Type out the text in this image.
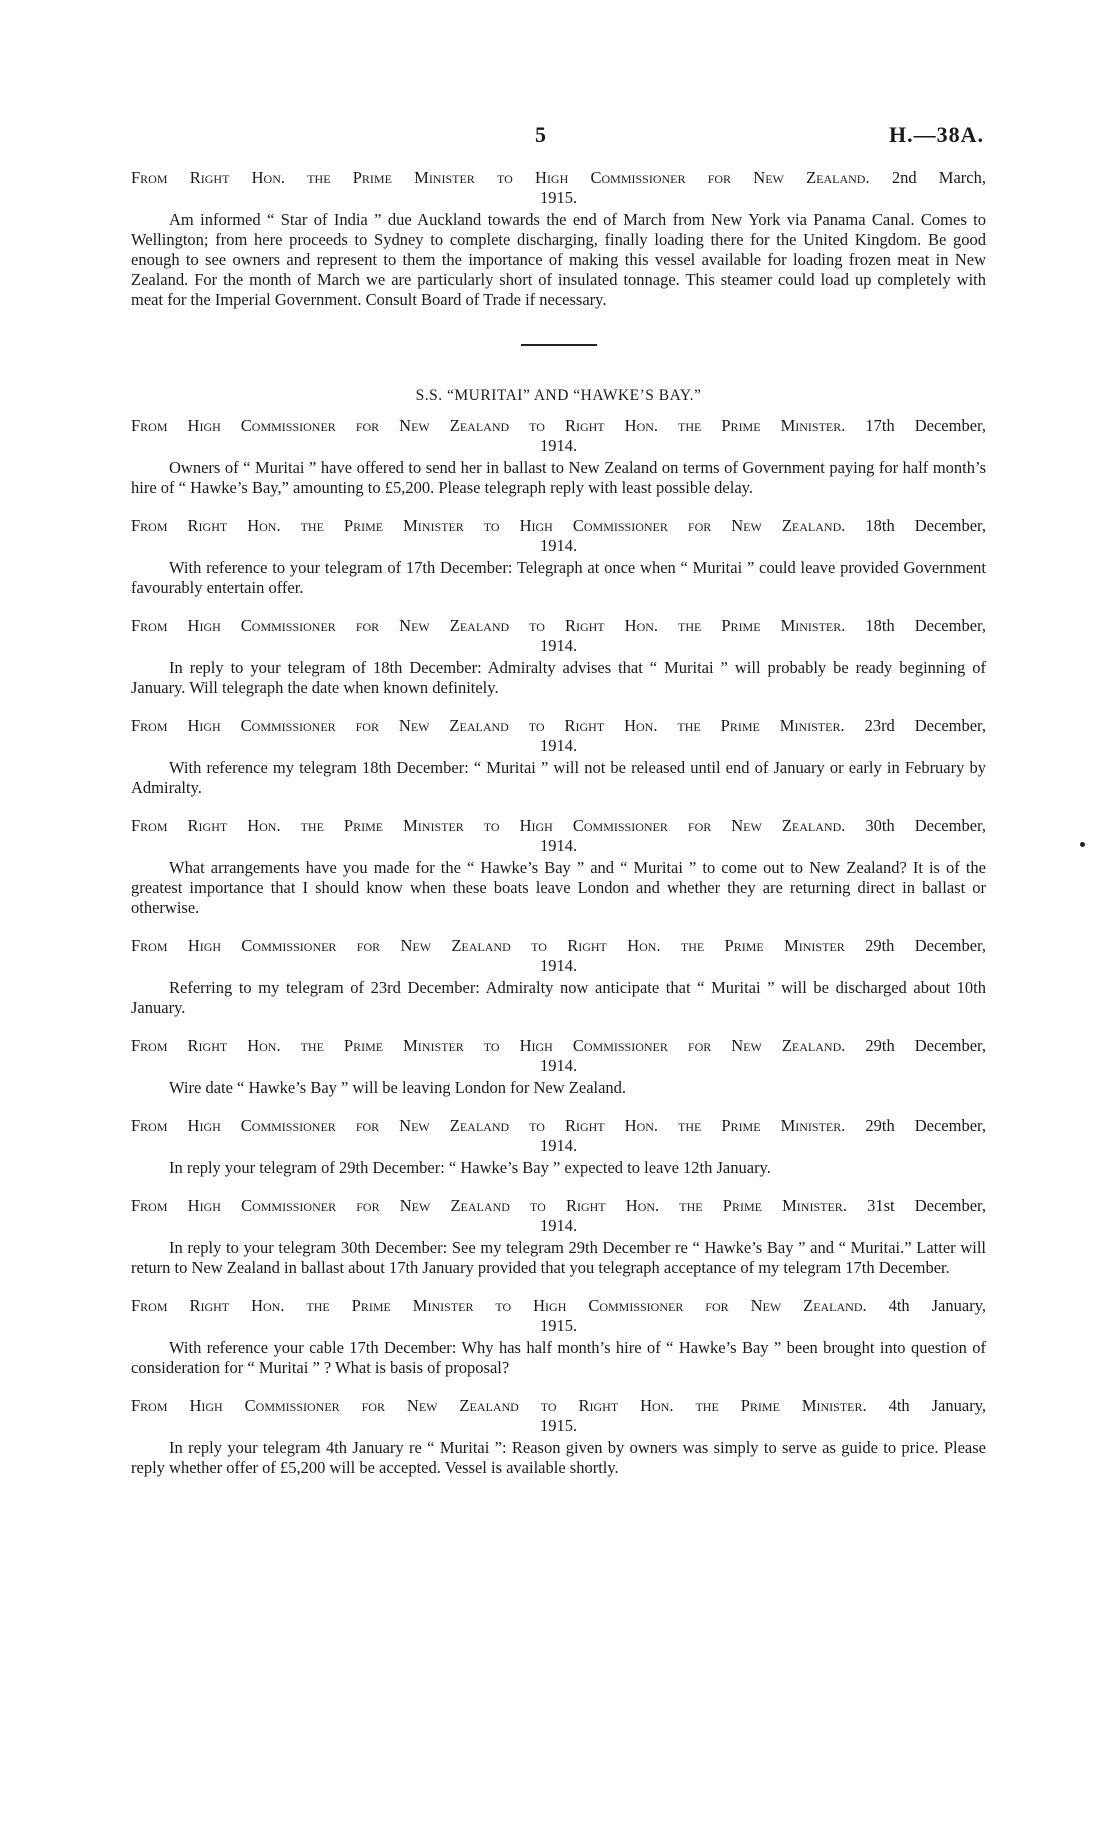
5	H.—38A.
From Right Hon. the Prime Minister to High Commissioner for New Zealand. 2nd March,
1915.
Am informed “ Star of India ” due Auckland towards the end of March from New York via Panama Canal. Comes to Wellington; from here proceeds to Sydney to complete discharging, finally loading there for the United Kingdom. Be good enough to see owners and represent to them the importance of making this vessel available for loading frozen meat in New Zealand. For the month of March we are particularly short of insulated tonnage. This steamer could load up completely with meat for the Imperial Government. Consult Board of Trade if necessary.
S.S. “MURITAI” AND “HAWKE’S BAY.”
From High Commissioner for New Zealand to Right Hon. the Prime Minister. 17th December,
1914.
Owners of “ Muritai ” have offered to send her in ballast to New Zealand on terms of Government paying for half month’s hire of “ Hawke’s Bay,” amounting to £5,200. Please telegraph reply with least possible delay.
From Right Hon. the Prime Minister to High Commissioner for New Zealand. 18th December,
1914.
With reference to your telegram of 17th December: Telegraph at once when “ Muritai ” could leave provided Government favourably entertain offer.
From High Commissioner for New Zealand to Right Hon. the Prime Minister. 18th December,
1914.
In reply to your telegram of 18th December: Admiralty advises that “ Muritai ” will probably be ready beginning of January. Will telegraph the date when known definitely.
From High Commissioner for New Zealand to Right Hon. the Prime Minister. 23rd December,
1914.
With reference my telegram 18th December: “ Muritai ” will not be released until end of January or early in February by Admiralty.
From Right Hon. the Prime Minister to High Commissioner for New Zealand. 30th December,
1914.
What arrangements have you made for the “ Hawke’s Bay ” and “ Muritai ” to come out to New Zealand? It is of the greatest importance that I should know when these boats leave London and whether they are returning direct in ballast or otherwise.
From High Commissioner for New Zealand to Right Hon. the Prime Minister 29th December,
1914.
Referring to my telegram of 23rd December: Admiralty now anticipate that “ Muritai ” will be discharged about 10th January.
From Right Hon. the Prime Minister to High Commissioner for New Zealand. 29th December,
1914.
Wire date “ Hawke’s Bay ” will be leaving London for New Zealand.
From High Commissioner for New Zealand to Right Hon. the Prime Minister. 29th December,
1914.
In reply your telegram of 29th December: “ Hawke’s Bay ” expected to leave 12th January.
From High Commissioner for New Zealand to Right Hon. the Prime Minister. 31st December,
1914.
In reply to your telegram 30th December: See my telegram 29th December re “ Hawke’s Bay ” and “ Muritai.” Latter will return to New Zealand in ballast about 17th January provided that you telegraph acceptance of my telegram 17th December.
From Right Hon. the Prime Minister to High Commissioner for New Zealand. 4th January,
1915.
With reference your cable 17th December: Why has half month’s hire of “ Hawke’s Bay ” been brought into question of consideration for “ Muritai ” ? What is basis of proposal?
From High Commissioner for New Zealand to Right Hon. the Prime Minister. 4th January,
1915.
In reply your telegram 4th January re “ Muritai ”: Reason given by owners was simply to serve as guide to price. Please reply whether offer of £5,200 will be accepted. Vessel is available shortly.
